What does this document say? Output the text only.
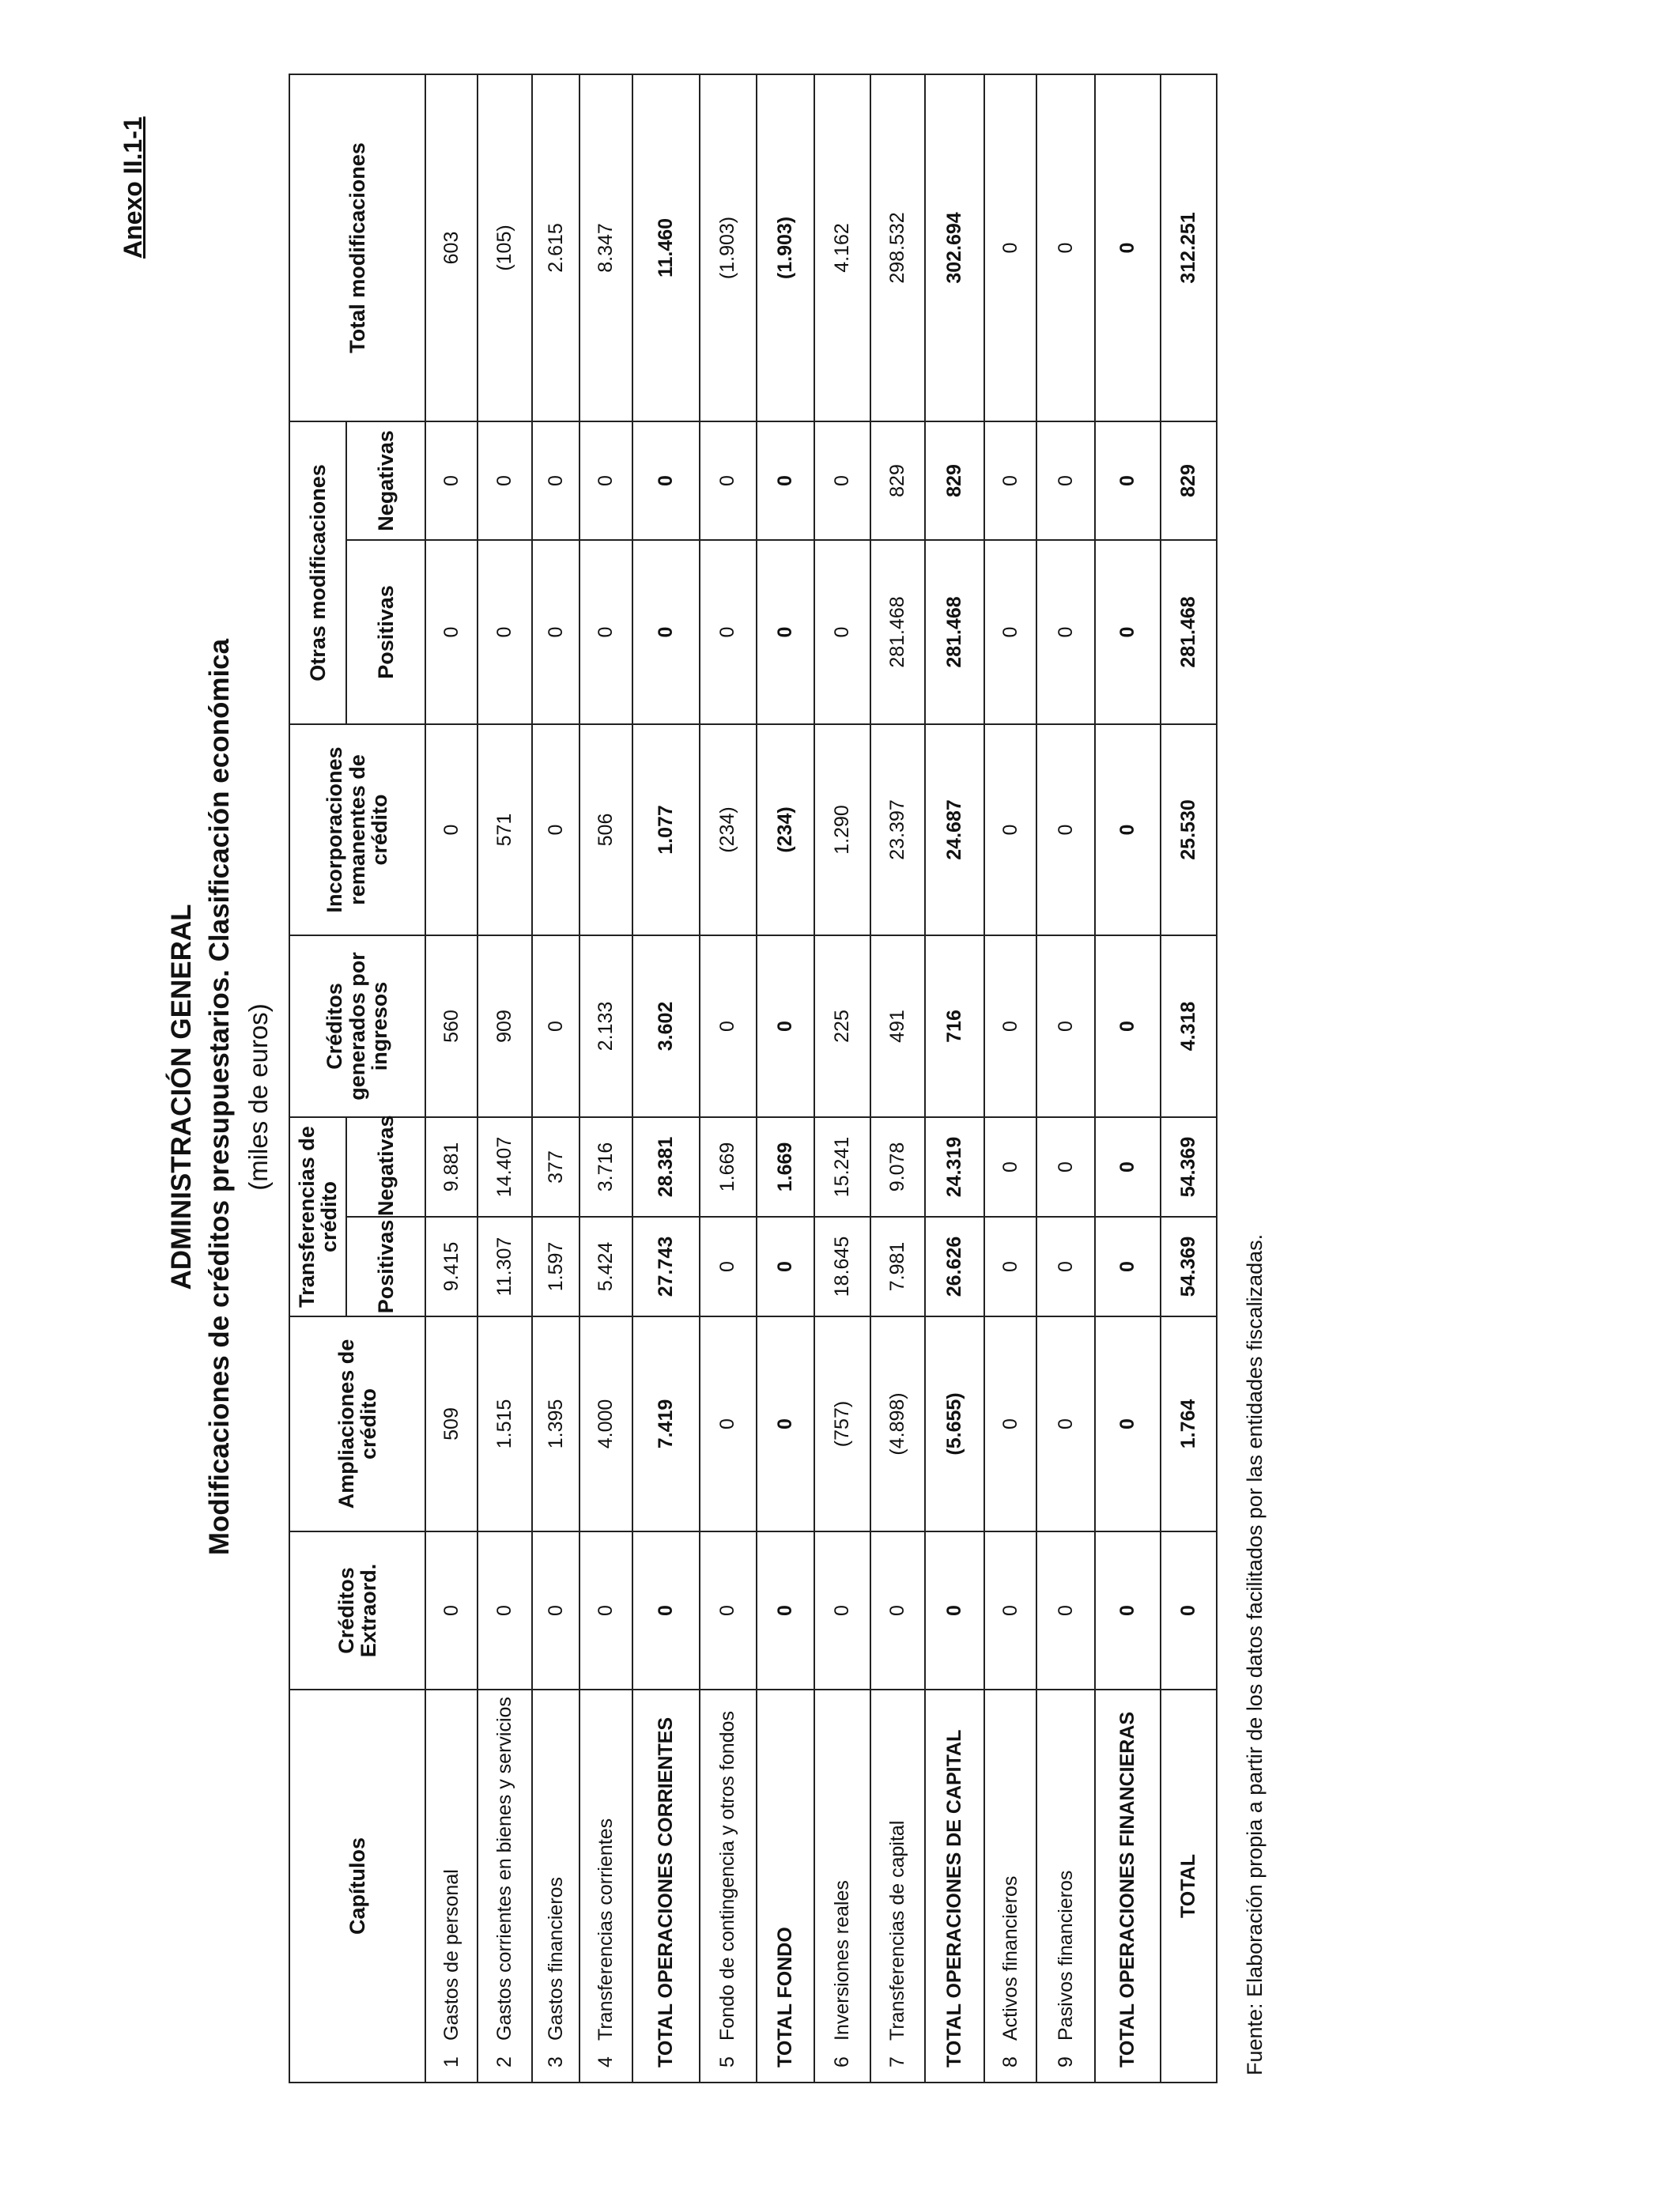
Anexo II.1-1
ADMINISTRACIÓN GENERAL Modificaciones de créditos presupuestarios. Clasificación económica (miles de euros)
Capítulos	Créditos Extraord.	Ampliaciones de crédito	Transferencias de crédito		Créditos generados por ingresos	Incorporaciones remanentes de crédito	Otras modificaciones		Total modificaciones
			Positivas	Negativas			Positivas	Negativas	
1Gastos de personal	0	509	9.415	9.881	560	0	0	0	603
2Gastos corrientes en bienes y servicios	0	1.515	11.307	14.407	909	571	0	0	(105)
3Gastos financieros	0	1.395	1.597	377	0	0	0	0	2.615
4Transferencias corrientes	0	4.000	5.424	3.716	2.133	506	0	0	8.347
TOTAL OPERACIONES CORRIENTES	0	7.419	27.743	28.381	3.602	1.077	0	0	11.460
5Fondo de contingencia y otros fondos	0	0	0	1.669	0	(234)	0	0	(1.903)
TOTAL FONDO	0	0	0	1.669	0	(234)	0	0	(1.903)
6Inversiones reales	0	(757)	18.645	15.241	225	1.290	0	0	4.162
7Transferencias de capital	0	(4.898)	7.981	9.078	491	23.397	281.468	829	298.532
TOTAL OPERACIONES DE CAPITAL	0	(5.655)	26.626	24.319	716	24.687	281.468	829	302.694
8Activos financieros	0	0	0	0	0	0	0	0	0
9Pasivos financieros	0	0	0	0	0	0	0	0	0
TOTAL OPERACIONES FINANCIERAS	0	0	0	0	0	0	0	0	0
TOTAL	0	1.764	54.369	54.369	4.318	25.530	281.468	829	312.251
Fuente: Elaboración propia a partir de los datos facilitados por las entidades fiscalizadas.
